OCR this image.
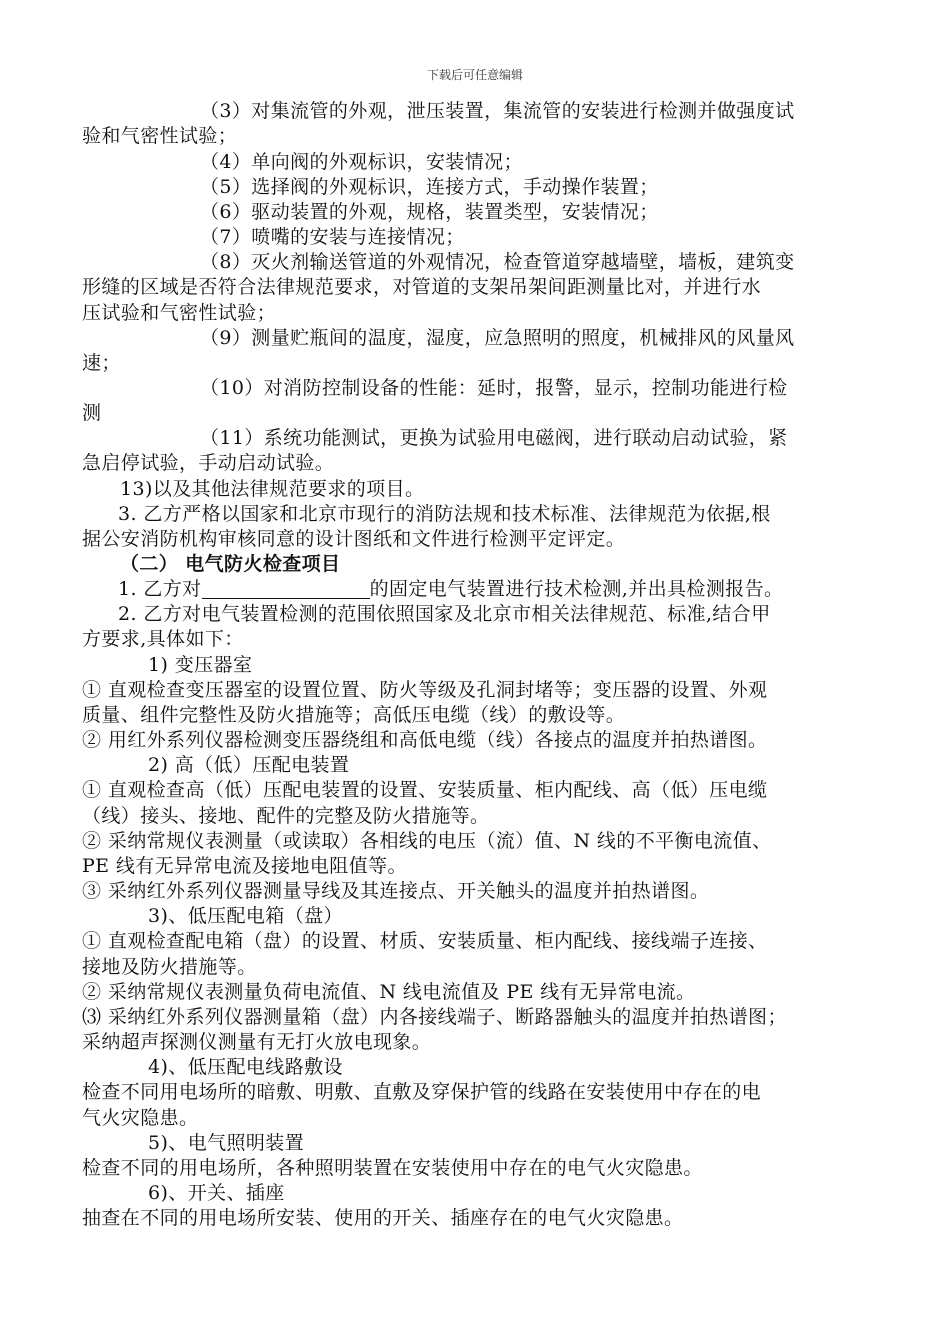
下载后可任意编辑
（3）对集流管的外观，泄压装置，集流管的安装进行检测并做强度试
验和气密性试验；
（4）单向阀的外观标识，安装情况；
（5）选择阀的外观标识，连接方式，手动操作装置；
（6）驱动装置的外观，规格，装置类型，安装情况；
（7）喷嘴的安装与连接情况；
（8）灭火剂输送管道的外观情况，检查管道穿越墙壁，墙板，建筑变
形缝的区域是否符合法律规范要求，对管道的支架吊架间距测量比对，并进行水
压试验和气密性试验；
（9）测量贮瓶间的温度，湿度，应急照明的照度，机械排风的风量风
速；
（10）对消防控制设备的性能：延时，报警，显示，控制功能进行检
测
（11）系统功能测试，更换为试验用电磁阀，进行联动启动试验，紧
急启停试验，手动启动试验。
13)以及其他法律规范要求的项目。
3. 乙方严格以国家和北京市现行的消防法规和技术标准、法律规范为依据,根
据公安消防机构审核同意的设计图纸和文件进行检测平定评定。
（二） 电气防火检查项目
1. 乙方对	的固定电气装置进行技术检测,并出具检测报告。
2. 乙方对电气装置检测的范围依照国家及北京市相关法律规范、标准,结合甲
方要求,具体如下：
1) 变压器室
① 直观检查变压器室的设置位置、防火等级及孔洞封堵等；变压器的设置、外观
质量、组件完整性及防火措施等；高低压电缆（线）的敷设等。
② 用红外系列仪器检测变压器绕组和高低电缆（线）各接点的温度并拍热谱图。
2) 高（低）压配电装置
① 直观检查高（低）压配电装置的设置、安装质量、柜内配线、高（低）压电缆
（线）接头、接地、配件的完整及防火措施等。
② 采纳常规仪表测量（或读取）各相线的电压（流）值、N 线的不平衡电流值、
PE 线有无异常电流及接地电阻值等。
③ 采纳红外系列仪器测量导线及其连接点、开关触头的温度并拍热谱图。
3)、低压配电箱（盘）
① 直观检查配电箱（盘）的设置、材质、安装质量、柜内配线、接线端子连接、
接地及防火措施等。
② 采纳常规仪表测量负荷电流值、N 线电流值及 PE 线有无异常电流。
⑶ 采纳红外系列仪器测量箱（盘）内各接线端子、断路器触头的温度并拍热谱图；
采纳超声探测仪测量有无打火放电现象。
4)、低压配电线路敷设
检查不同用电场所的暗敷、明敷、直敷及穿保护管的线路在安装使用中存在的电
气火灾隐患。
5)、电气照明装置
检查不同的用电场所，各种照明装置在安装使用中存在的电气火灾隐患。
6)、开关、插座
抽查在不同的用电场所安装、使用的开关、插座存在的电气火灾隐患。
